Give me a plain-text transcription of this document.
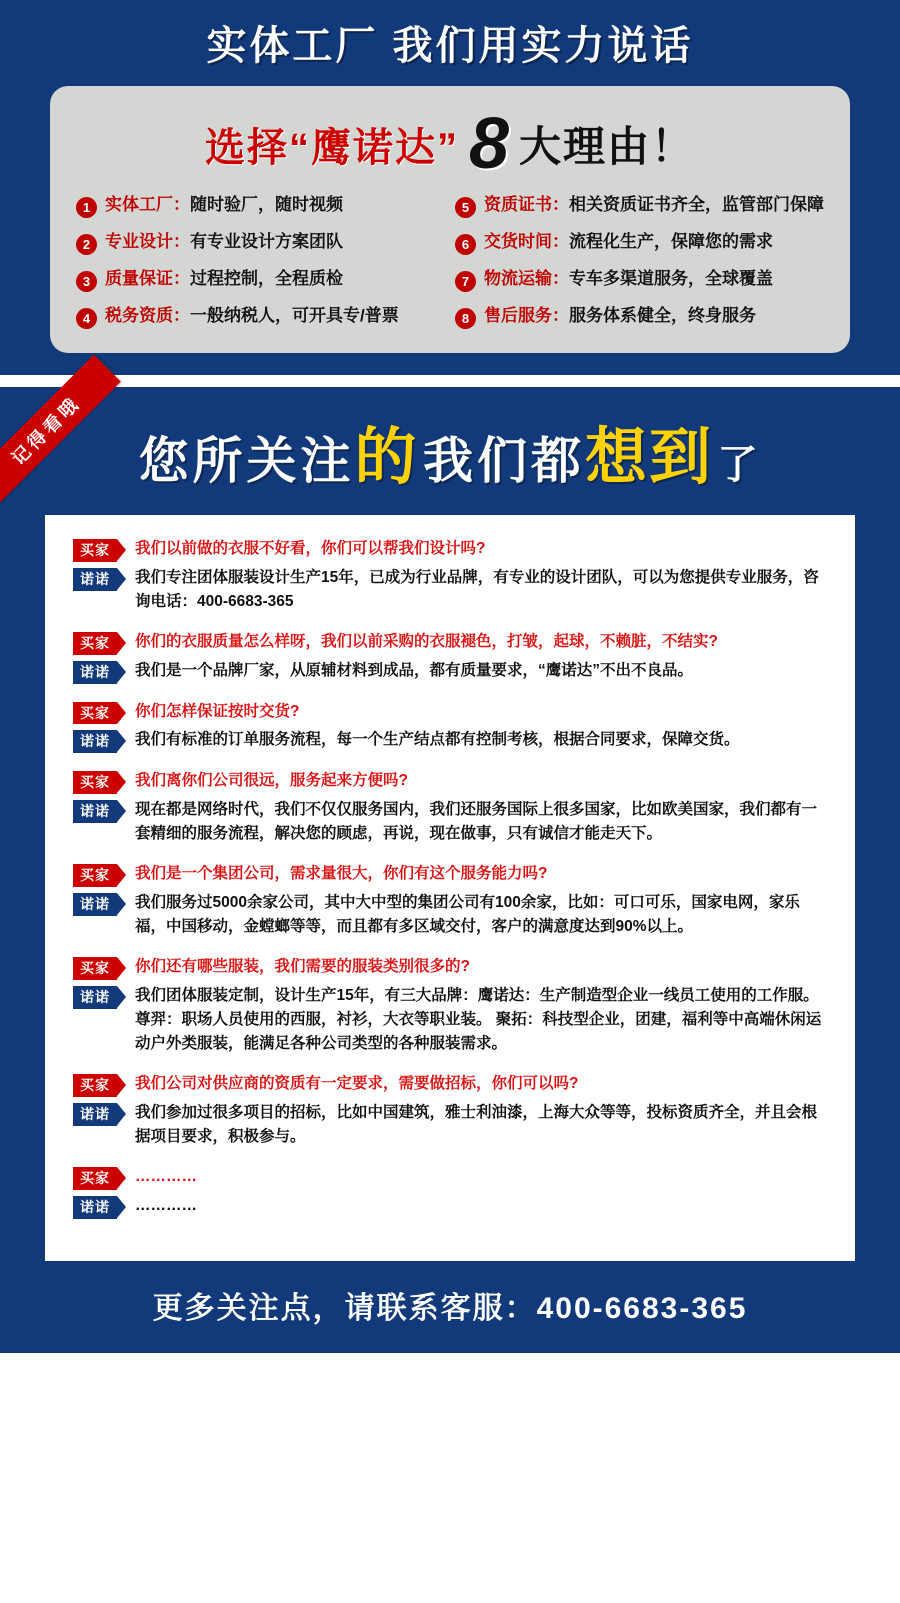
实体工厂 我们用实力说话
选择“鹰诺达” 8 大理由！
1 实体工厂：随时验厂，随时视频	5 资质证书：相关资质证书齐全，监管部门保障
2 专业设计：有专业设计方案团队	6 交货时间：流程化生产，保障您的需求
3 质量保证：过程控制，全程质检	7 物流运输：专车多渠道服务，全球覆盖
4 税务资质：一般纳税人，可开具专/普票	8 售后服务：服务体系健全，终身服务
记得看哦	您所关注的 我们都想到 了
买家	我们以前做的衣服不好看，你们可以帮我们设计吗?
诺诺	我们专注团体服装设计生产15年，已成为行业品牌，有专业的设计团队，可以为您提供专业服务，咨询电话：400-6683-365
买家	你们的衣服质量怎么样呀，我们以前采购的衣服褪色，打皱，起球，不赖脏，不结实?
诺诺	我们是一个品牌厂家，从原辅材料到成品，都有质量要求，“鹰诺达”不出不良品。
买家	你们怎样保证按时交货?
诺诺	我们有标准的订单服务流程，每一个生产结点都有控制考核，根据合同要求，保障交货。
买家	我们离你们公司很远，服务起来方便吗?
诺诺	现在都是网络时代，我们不仅仅服务国内，我们还服务国际上很多国家，比如欧美国家，我们都有一套精细的服务流程，解决您的顾虑，再说，现在做事，只有诚信才能走天下。
买家	我们是一个集团公司，需求量很大，你们有这个服务能力吗?
诺诺	我们服务过5000余家公司，其中大中型的集团公司有100余家，比如：可口可乐，国家电网，家乐福，中国移动，金螳螂等等，而且都有多区域交付，客户的满意度达到90%以上。
买家	你们还有哪些服装，我们需要的服装类别很多的?
诺诺	我们团体服装定制，设计生产15年，有三大品牌：鹰诺达：生产制造型企业一线员工使用的工作服。尊羿：职场人员使用的西服，衬衫，大衣等职业装。 聚拓：科技型企业，团建，福利等中高端休闲运动户外类服装，能满足各种公司类型的各种服装需求。
买家	我们公司对供应商的资质有一定要求，需要做招标，你们可以吗?
诺诺	我们参加过很多项目的招标，比如中国建筑，雅士利油漆，上海大众等等，投标资质齐全，并且会根据项目要求，积极参与。
买家	…………
诺诺	…………
更多关注点，请联系客服：400-6683-365
